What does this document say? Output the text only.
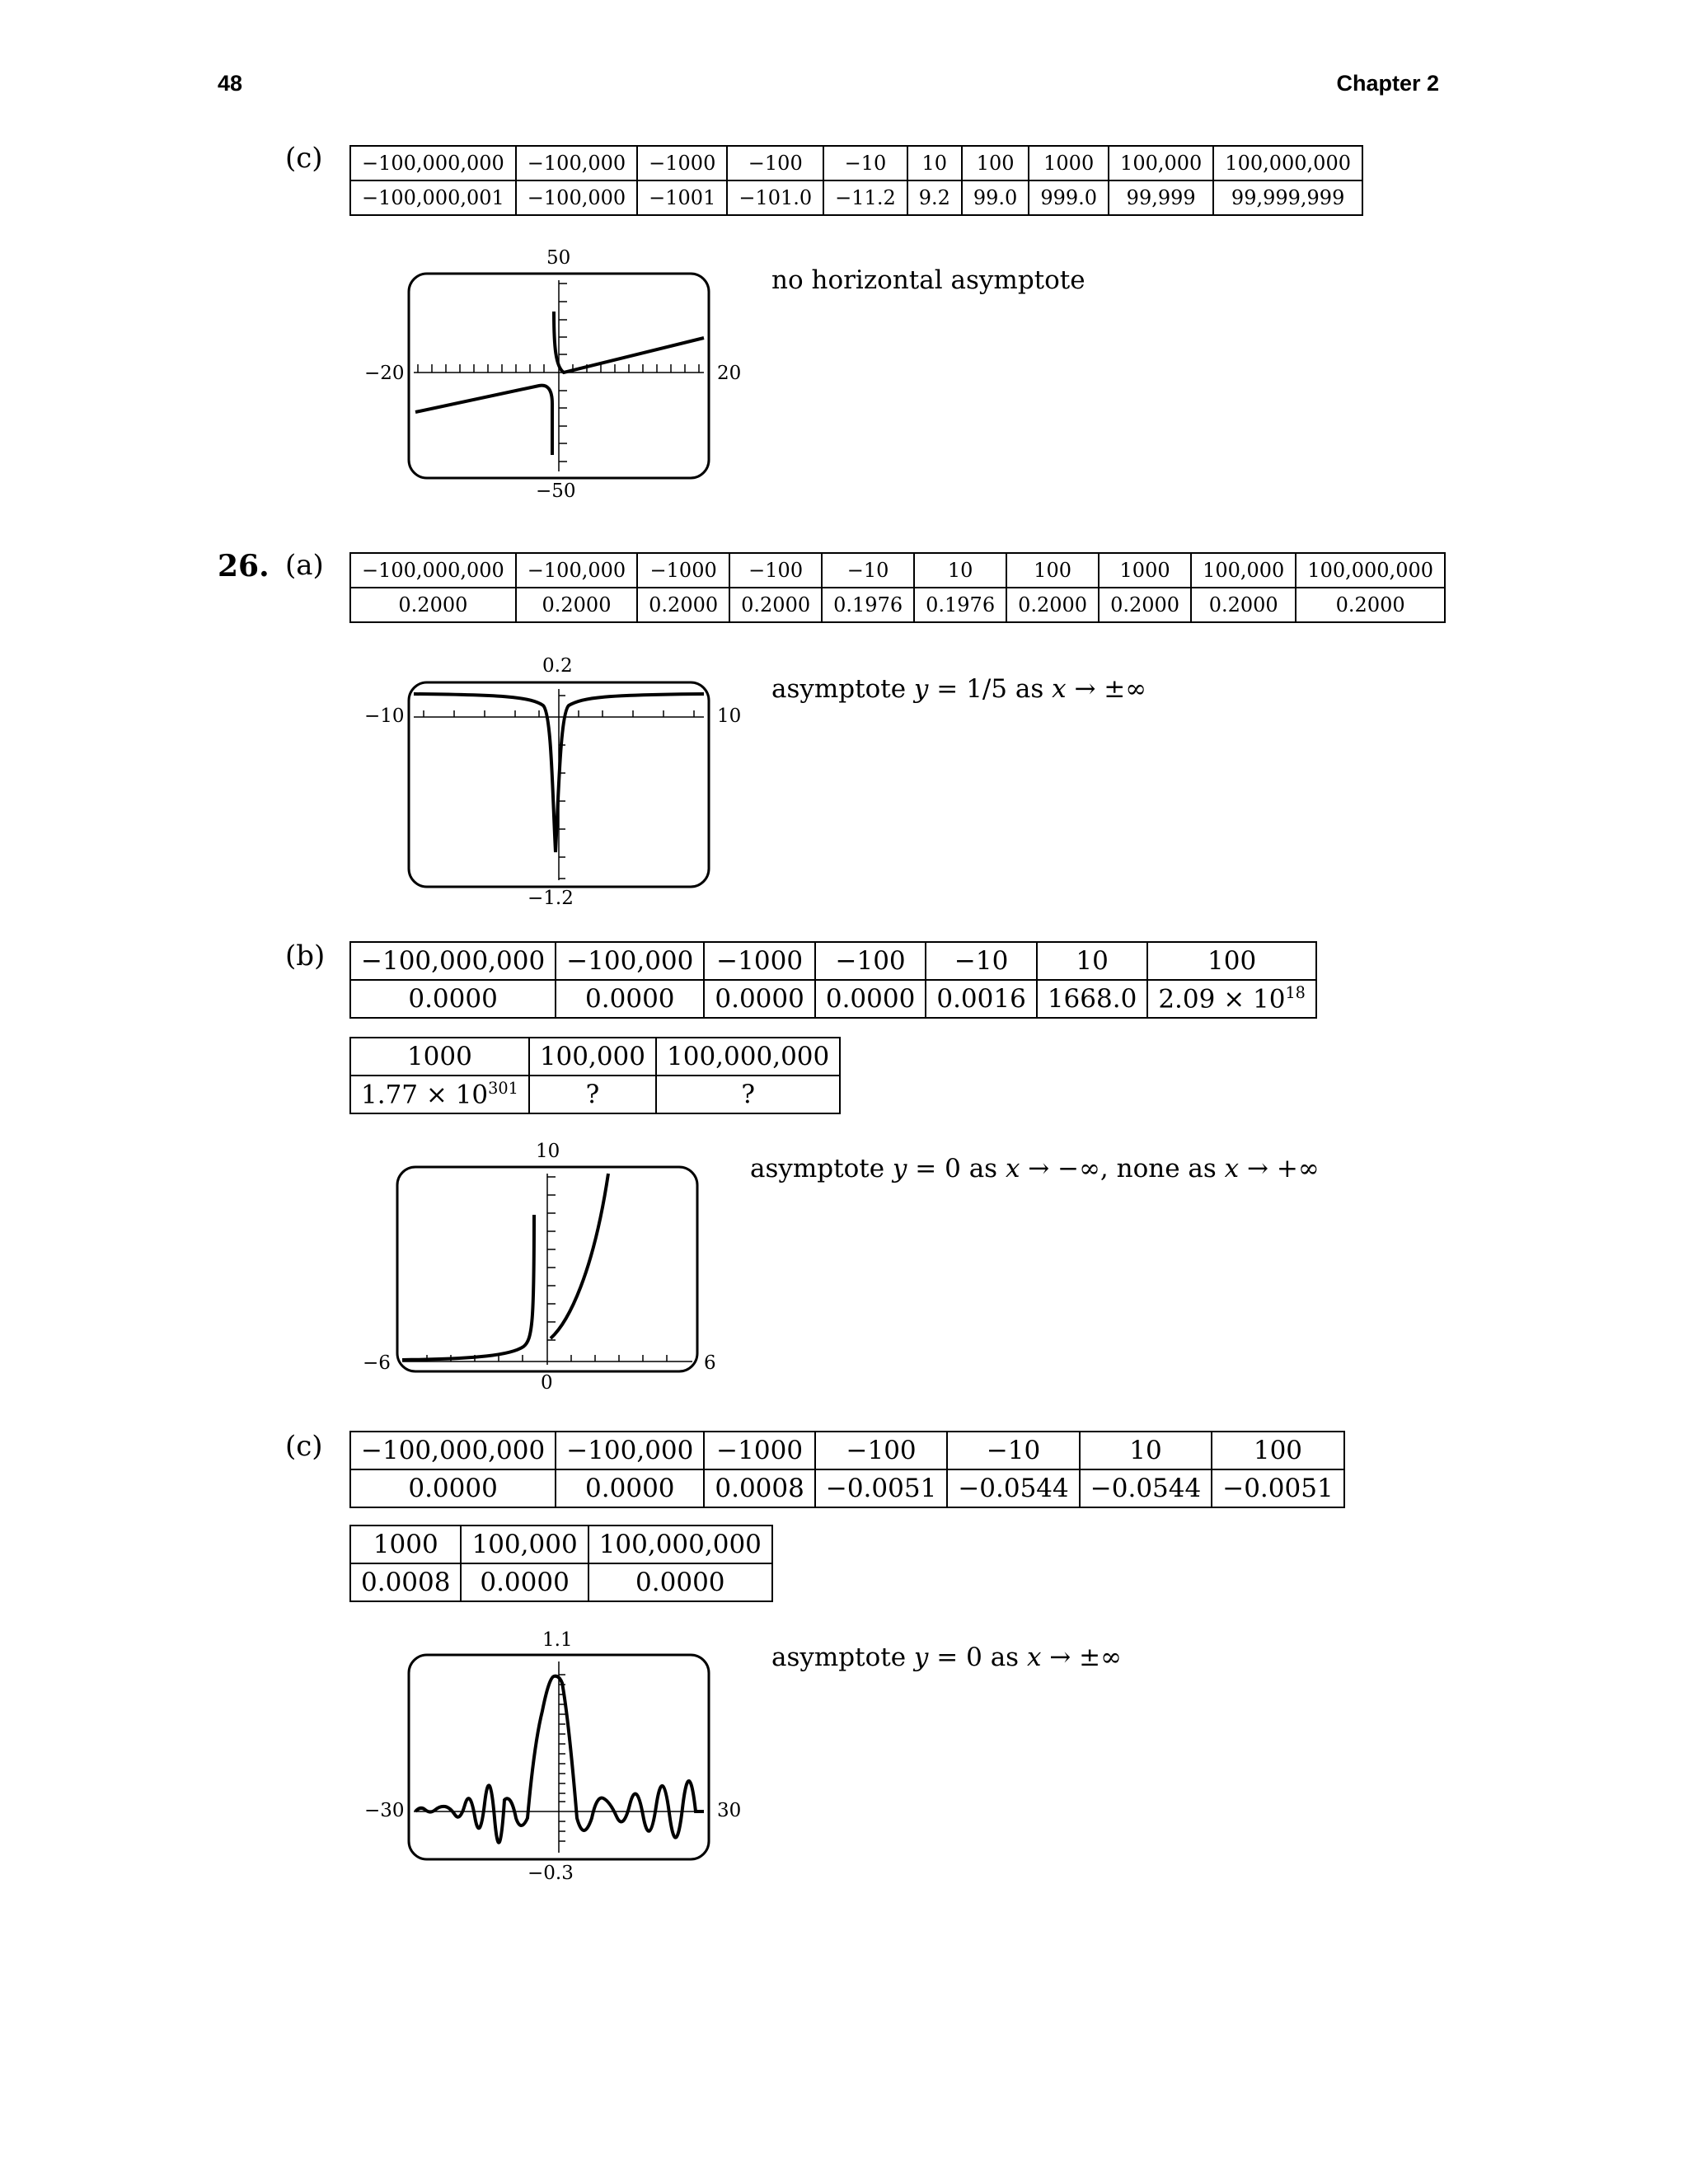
48	Chapter 2
(c) −100,000,000	−100,000	−1000	−100	−10	10	100	1000	100,000	100,000,000
−100,000,001	−100,000	−1001	−101.0	−11.2	9.2	99.0	999.0	99,999	99,999,999
50
−20	20
−50
no horizontal asymptote
26. (a) −100,000,000	−100,000	−1000	−100	−10	10	100	1000	100,000	100,000,000
0.2000	0.2000	0.2000	0.2000	0.1976	0.1976	0.2000	0.2000	0.2000	0.2000
0.2
−10	10
−1.2
asymptote y = 1/5 as x → ±∞
(b) −100,000,000	−100,000	−1000	−100	−10	10	100
0.0000	0.0000	0.0000	0.0000	0.0016	1668.0	$2.09 \times 10^{18}$
1000	100,000	100,000,000
$1.77 \times 10^{301}$	?	?
10
−6	6
0
asymptote y = 0 as x → −∞, none as x → +∞
(c) −100,000,000	−100,000	−1000	−100	−10	10	100
0.0000	0.0000	0.0008	−0.0051	−0.0544	−0.0544	−0.0051
1000	100,000	100,000,000
0.0008	0.0000	0.0000
1.1
−30	30
−0.3
asymptote y = 0 as x → ±∞
